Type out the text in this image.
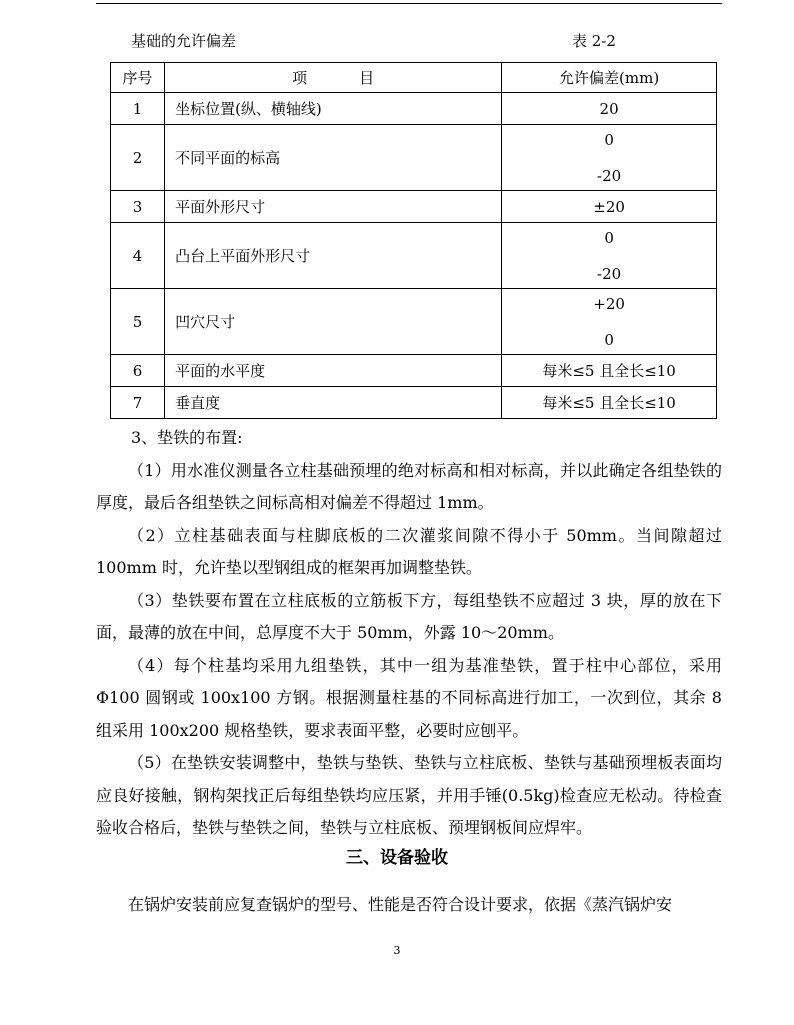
基础的允许偏差	表 2-2
序号	项 目	允许偏差(mm)
1	坐标位置(纵、横轴线)	20
2	不同平面的标高	0
-20

3	平面外形尺寸	±20
4	凸台上平面外形尺寸	0
-20

5	凹穴尺寸	+20
0

6	平面的水平度	每米≤5 且全长≤10
7	垂直度	每米≤5 且全长≤10

3、垫铁的布置:

（1）用水准仪测量各立柱基础预埋的绝对标高和相对标高，并以此确定各组垫铁的厚度，最后各组垫铁之间标高相对偏差不得超过 1mm。

（2）立柱基础表面与柱脚底板的二次灌浆间隙不得小于 50mm。当间隙超过100mm 时，允许垫以型钢组成的框架再加调整垫铁。

（3）垫铁要布置在立柱底板的立筋板下方，每组垫铁不应超过 3 块，厚的放在下面，最薄的放在中间，总厚度不大于 50mm，外露 10～20mm。

（4）每个柱基均采用九组垫铁，其中一组为基准垫铁，置于柱中心部位，采用Φ100 圆钢或 100x100 方钢。根据测量柱基的不同标高进行加工，一次到位，其余 8 组采用 100x200 规格垫铁，要求表面平整，必要时应刨平。

（5）在垫铁安装调整中，垫铁与垫铁、垫铁与立柱底板、垫铁与基础预埋板表面均应良好接触，钢构架找正后每组垫铁均应压紧，并用手锤(0.5kg)检查应无松动。待检查验收合格后，垫铁与垫铁之间，垫铁与立柱底板、预埋钢板间应焊牢。

三、设备验收

在锅炉安装前应复查锅炉的型号、性能是否符合设计要求，依据《蒸汽锅炉安

3
